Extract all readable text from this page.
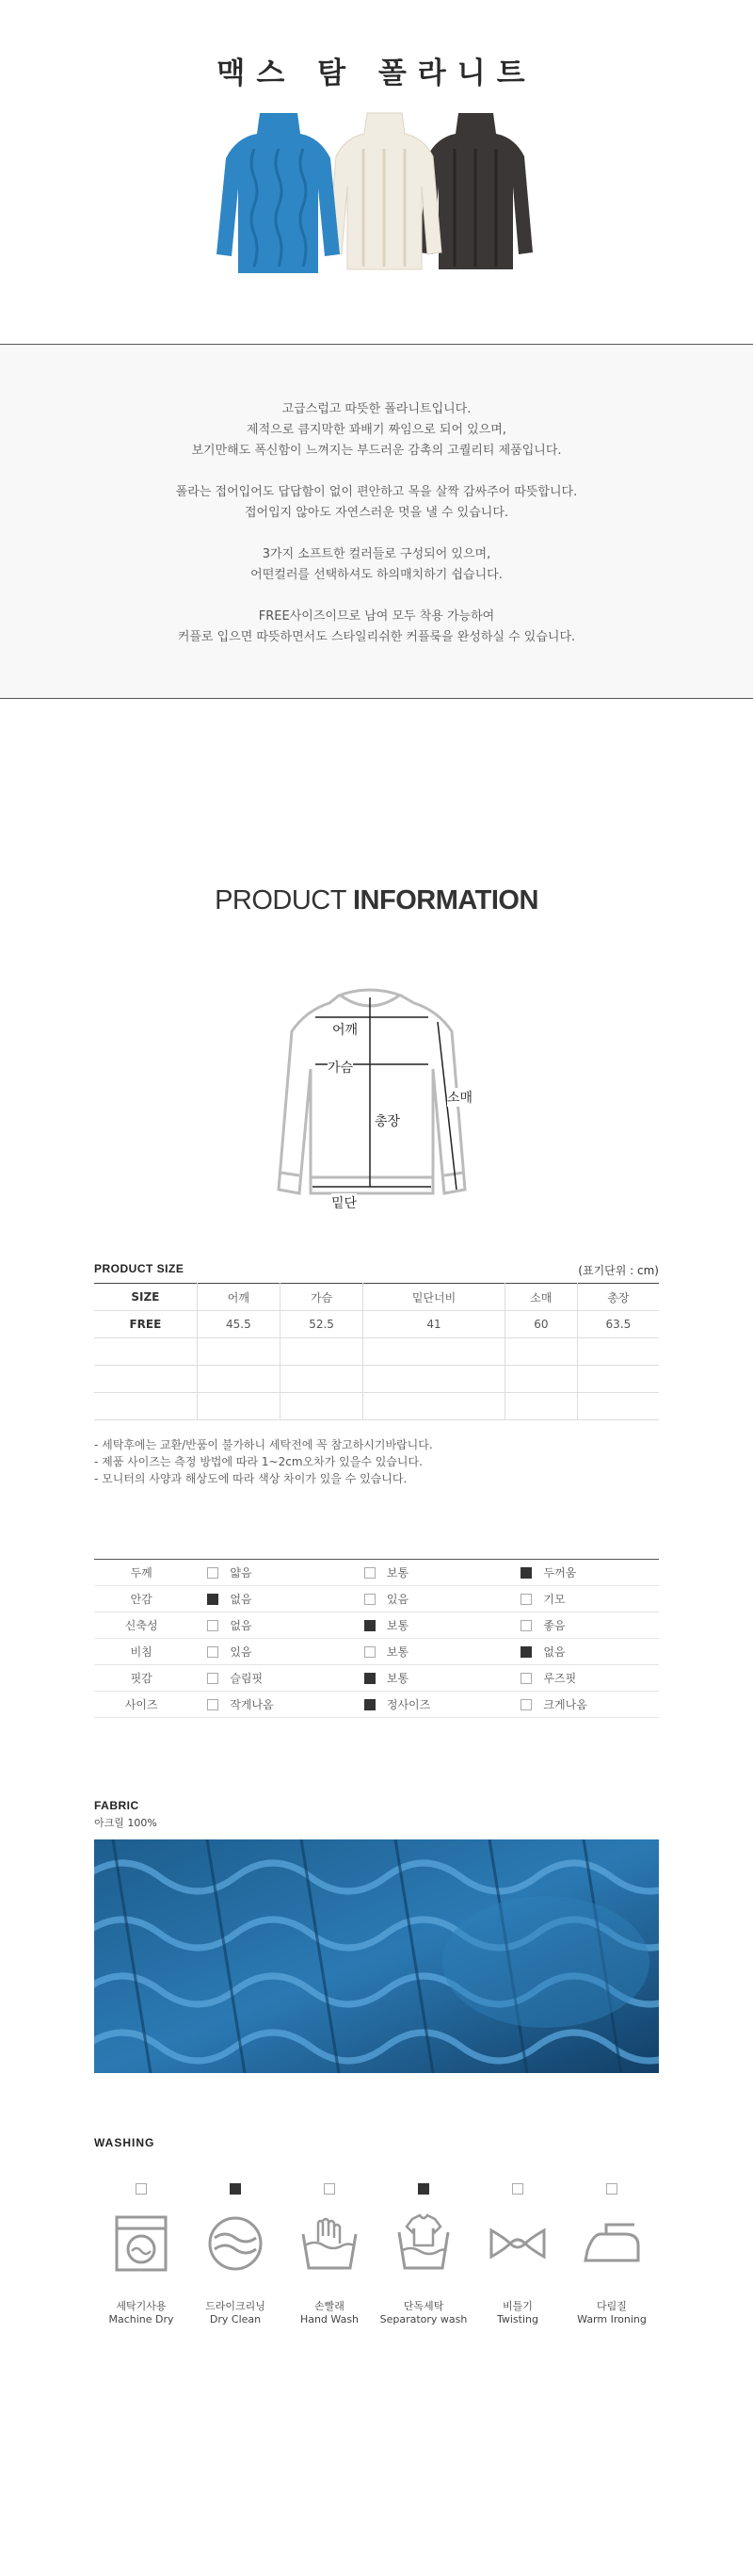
맥스 탐 폴라니트
고급스럽고 따뜻한 폴라니트입니다.
제적으로 큼지막한 꽈배기 짜임으로 되어 있으며,
보기만해도 폭신함이 느껴지는 부드러운 감촉의 고퀄리티 제품입니다.
폴라는 접어입어도 답답함이 없이 편안하고 목을 살짝 감싸주어 따뜻합니다.
접어입지 않아도 자연스러운 멋을 낼 수 있습니다.
3가지 소프트한 컬러들로 구성되어 있으며,
어떤컬러를 선택하셔도 하의매치하기 쉽습니다.
FREE사이즈이므로 남여 모두 착용 가능하여
커플로 입으면 따뜻하면서도 스타일리쉬한 커플룩을 완성하실 수 있습니다.
PRODUCT INFORMATION
어깨
가슴
총장
소매
밑단
PRODUCT SIZE	(표기단위 : cm)
SIZE	어깨	가슴	밑단너비	소매	총장
FREE	45.5	52.5	41	60	63.5

- 세탁후에는 교환/반품이 불가하니 세탁전에 꼭 참고하시기바랍니다.
- 제품 사이즈는 측정 방법에 따라 1~2cm오차가 있을수 있습니다.
- 모니터의 사양과 해상도에 따라 색상 차이가 있을 수 있습니다.
두께	얇음	보통	두꺼움

안감	없음	있음	기모

신축성	없음	보통	좋음

비침	있음	보통	없음

핏감	슬림핏	보통	루즈핏

사이즈	작게나옴	정사이즈	크게나옴
FABRIC
아크릴 100%
WASHING
세탁기사용
Machine Dry
드라이크리닝
Dry Clean
손빨래
Hand Wash
단독세탁
Separatory wash
비틀기
Twisting
다림질
Warm Ironing
